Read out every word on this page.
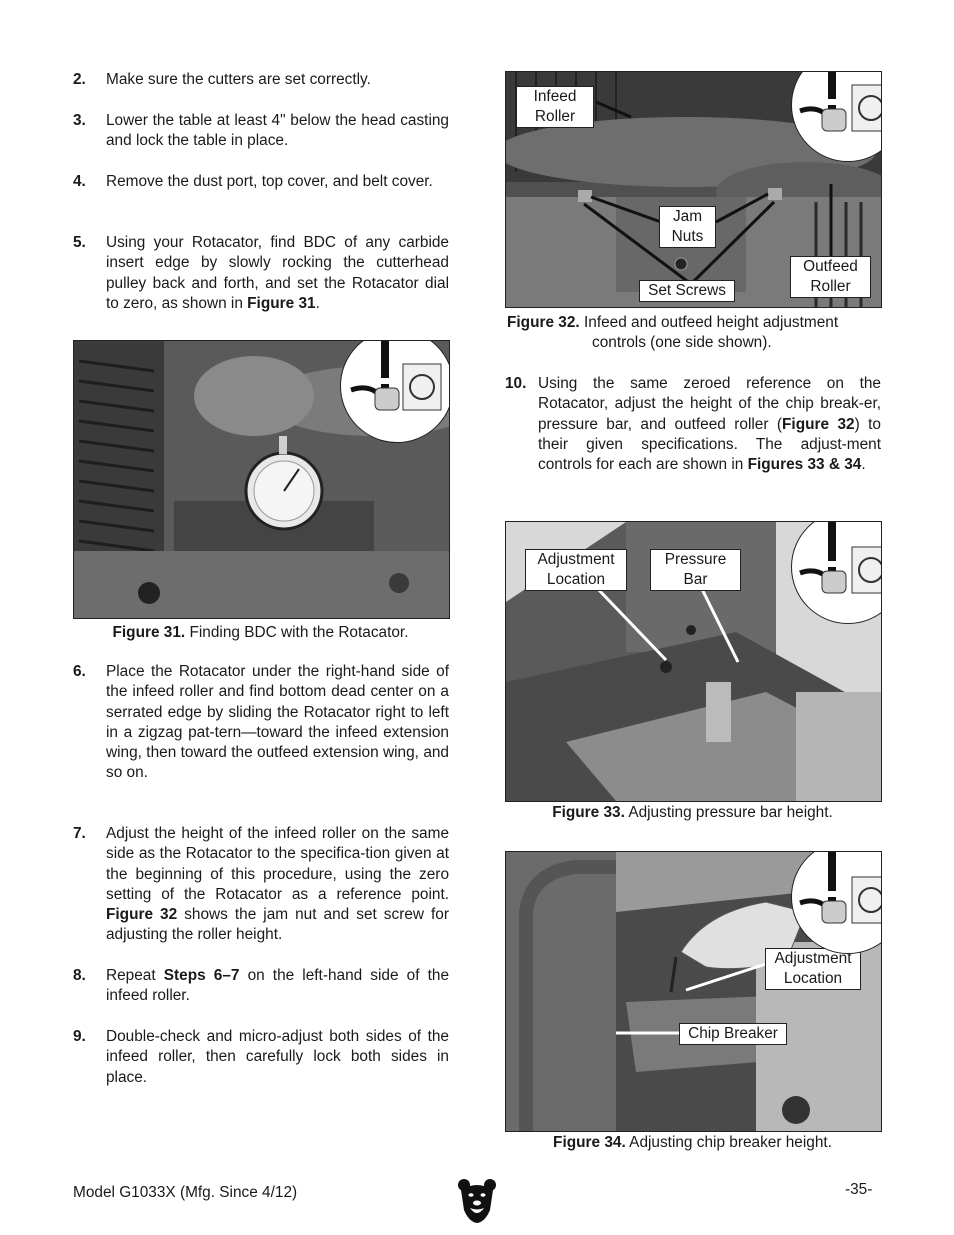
2. Make sure the cutters are set correctly.
3. Lower the table at least 4" below the head casting and lock the table in place.
4. Remove the dust port, top cover, and belt cover.
5. Using your Rotacator, find BDC of any carbide insert edge by slowly rocking the cutterhead pulley back and forth, and set the Rotacator dial to zero, as shown in Figure 31.
6. Place the Rotacator under the right-hand side of the infeed roller and find bottom dead center on a serrated edge by sliding the Rotacator right to left in a zigzag pat-tern—toward the infeed extension wing, then toward the outfeed extension wing, and so on.
7. Adjust the height of the infeed roller on the same side as the Rotacator to the specifica-tion given at the beginning of this procedure, using the zero setting of the Rotacator as a reference point. Figure 32 shows the jam nut and set screw for adjusting the roller height.
8. Repeat Steps 6–7 on the left-hand side of the infeed roller.
9. Double-check and micro-adjust both sides of the infeed roller, then carefully lock both sides in place.
Figure 31. Finding BDC with the Rotacator.
Infeed Roller
Jam Nuts
Outfeed Roller
Set Screws
Figure 32. Infeed and outfeed height adjustment
controls (one side shown).
10. Using the same zeroed reference on the Rotacator, adjust the height of the chip break-er, pressure bar, and outfeed roller (Figure 32) to their given specifications. The adjust-ment controls for each are shown in Figures 33 & 34.
Adjustment Location
Pressure Bar
Figure 33. Adjusting pressure bar height.
Adjustment Location
Chip Breaker
Figure 34. Adjusting chip breaker height.
Model G1033X (Mfg. Since 4/12)	-35-
